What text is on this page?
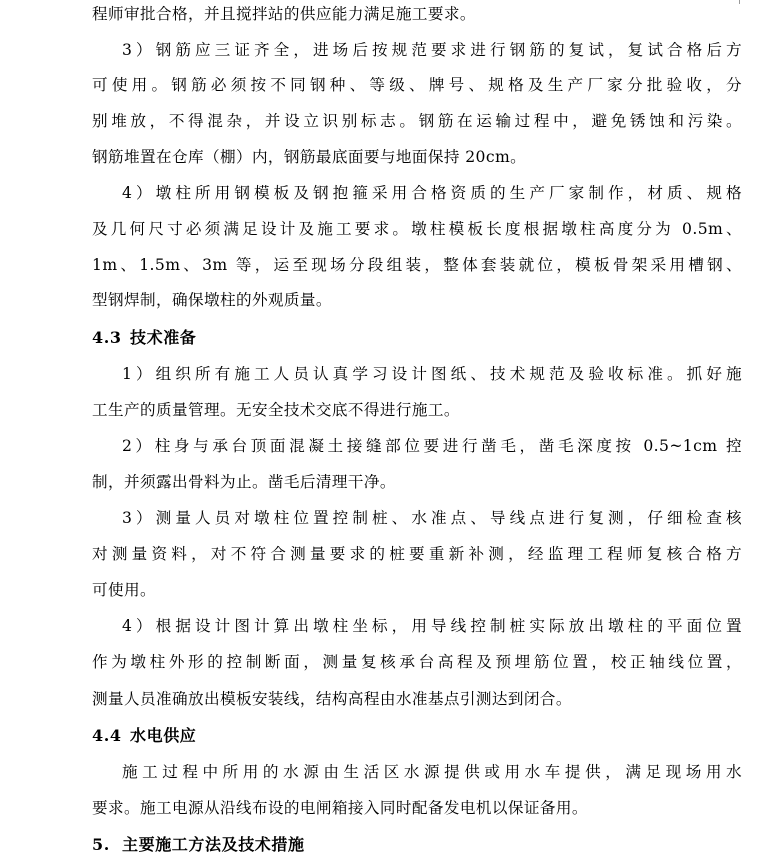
程师审批合格，并且搅拌站的供应能力满足施工要求。
3）钢筋应三证齐全，进场后按规范要求进行钢筋的复试，复试合格后方
可使用。钢筋必须按不同钢种、等级、牌号、规格及生产厂家分批验收，分
别堆放，不得混杂，并设立识别标志。钢筋在运输过程中，避免锈蚀和污染。
钢筋堆置在仓库（棚）内，钢筋最底面要与地面保持 20cm。
4）墩柱所用钢模板及钢抱箍采用合格资质的生产厂家制作，材质、规格
及几何尺寸必须满足设计及施工要求。墩柱模板长度根据墩柱高度分为 0.5m、
1m、1.5m、3m 等，运至现场分段组装，整体套装就位，模板骨架采用槽钢、
型钢焊制，确保墩柱的外观质量。
4.3 技术准备
1）组织所有施工人员认真学习设计图纸、技术规范及验收标准。抓好施
工生产的质量管理。无安全技术交底不得进行施工。
2）柱身与承台顶面混凝土接缝部位要进行凿毛，凿毛深度按 0.5~1cm 控
制，并须露出骨料为止。凿毛后清理干净。
3）测量人员对墩柱位置控制桩、水准点、导线点进行复测，仔细检查核
对测量资料，对不符合测量要求的桩要重新补测，经监理工程师复核合格方
可使用。
4）根据设计图计算出墩柱坐标，用导线控制桩实际放出墩柱的平面位置
作为墩柱外形的控制断面，测量复核承台高程及预埋筋位置，校正轴线位置，
测量人员准确放出模板安装线，结构高程由水准基点引测达到闭合。
4.4 水电供应
施工过程中所用的水源由生活区水源提供或用水车提供，满足现场用水
要求。施工电源从沿线布设的电闸箱接入同时配备发电机以保证备用。
5. 主要施工方法及技术措施
